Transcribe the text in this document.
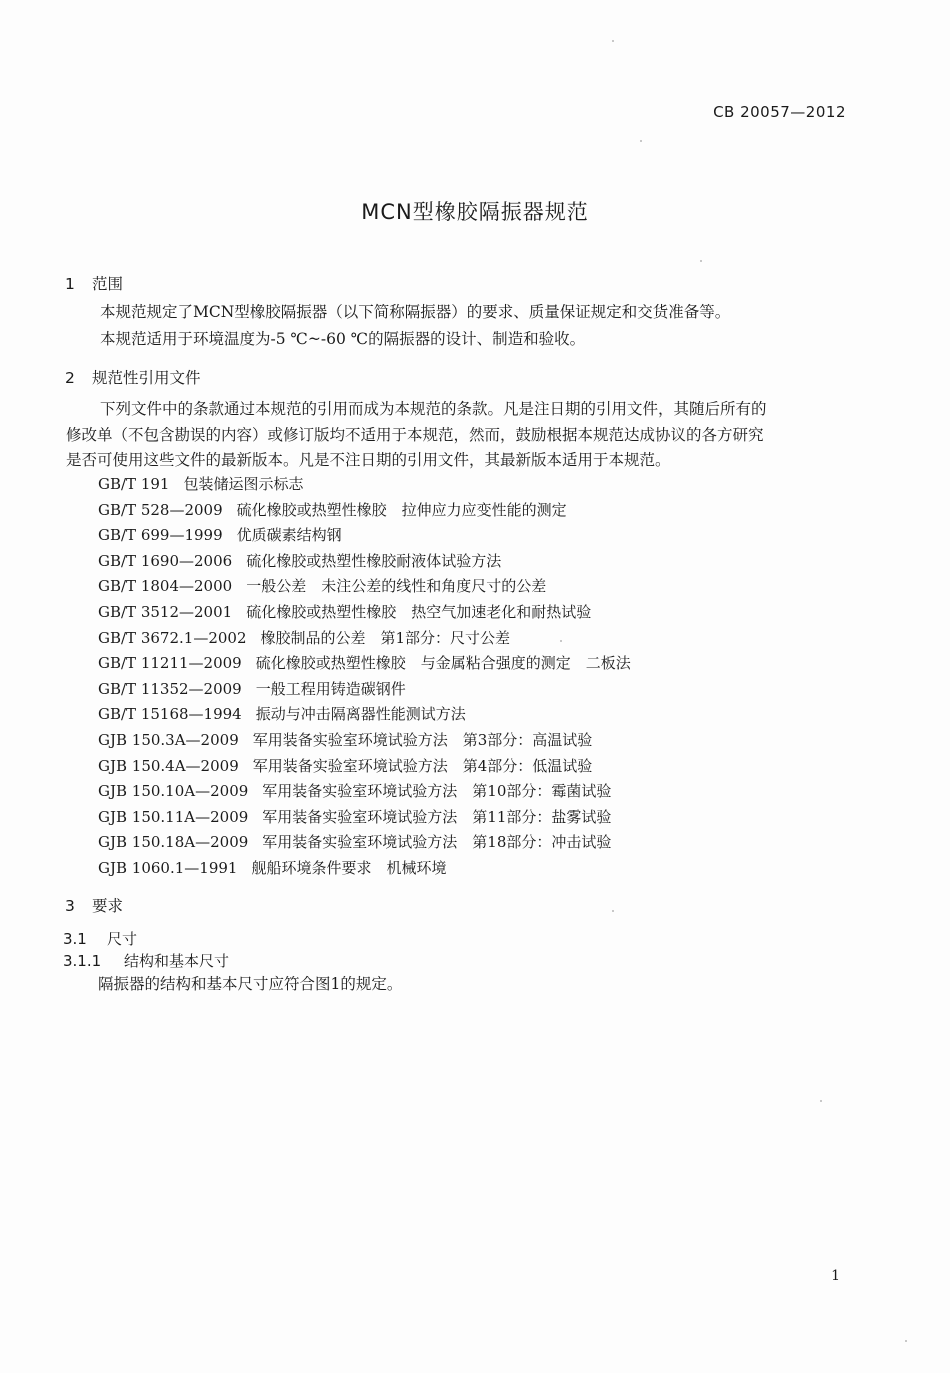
CB 20057—2012
MCN型橡胶隔振器规范
1 范围
本规范规定了MCN型橡胶隔振器（以下简称隔振器）的要求、质量保证规定和交货准备等。
本规范适用于环境温度为-5 ℃~-60 ℃的隔振器的设计、制造和验收。
2 规范性引用文件
下列文件中的条款通过本规范的引用而成为本规范的条款。凡是注日期的引用文件，其随后所有的
修改单（不包含勘误的内容）或修订版均不适用于本规范，然而，鼓励根据本规范达成协议的各方研究
是否可使用这些文件的最新版本。凡是不注日期的引用文件，其最新版本适用于本规范。
GB/T 191 包装储运图示标志
GB/T 528—2009 硫化橡胶或热塑性橡胶　拉伸应力应变性能的测定
GB/T 699—1999 优质碳素结构钢
GB/T 1690—2006 硫化橡胶或热塑性橡胶耐液体试验方法
GB/T 1804—2000 一般公差　未注公差的线性和角度尺寸的公差
GB/T 3512—2001 硫化橡胶或热塑性橡胶　热空气加速老化和耐热试验
GB/T 3672.1—2002 橡胶制品的公差　第1部分：尺寸公差
GB/T 11211—2009 硫化橡胶或热塑性橡胶　与金属粘合强度的测定　二板法
GB/T 11352—2009 一般工程用铸造碳钢件
GB/T 15168—1994 振动与冲击隔离器性能测试方法
GJB 150.3A—2009 军用装备实验室环境试验方法　第3部分：高温试验
GJB 150.4A—2009 军用装备实验室环境试验方法　第4部分：低温试验
GJB 150.10A—2009 军用装备实验室环境试验方法　第10部分：霉菌试验
GJB 150.11A—2009 军用装备实验室环境试验方法　第11部分：盐雾试验
GJB 150.18A—2009 军用装备实验室环境试验方法　第18部分：冲击试验
GJB 1060.1—1991 舰船环境条件要求　机械环境
3 要求
3.1 尺寸
3.1.1 结构和基本尺寸
隔振器的结构和基本尺寸应符合图1的规定。
1
